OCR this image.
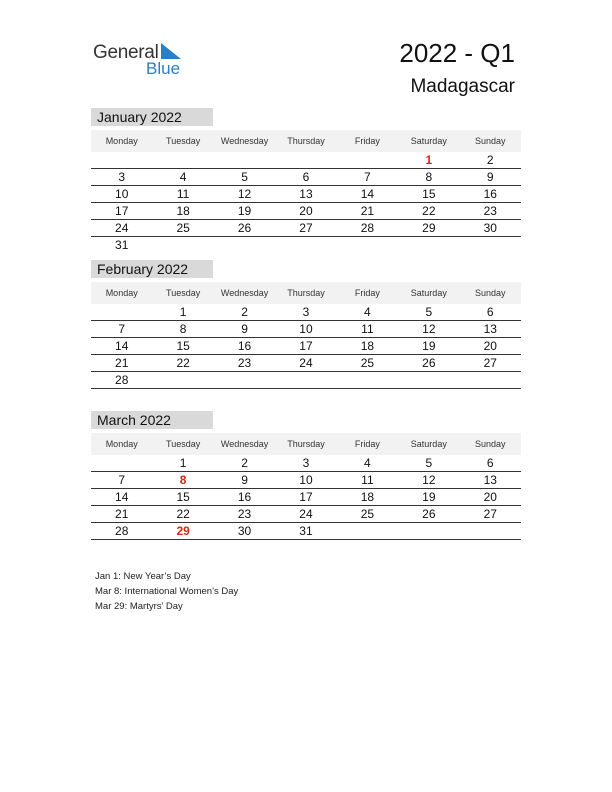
General
Blue
2022 - Q1
Madagascar
January 2022
Monday	Tuesday	Wednesday	Thursday	Friday	Saturday	Sunday
					1	2
3	4	5	6	7	8	9
10	11	12	13	14	15	16
17	18	19	20	21	22	23
24	25	26	27	28	29	30
31						
February 2022
Monday	Tuesday	Wednesday	Thursday	Friday	Saturday	Sunday
	1	2	3	4	5	6
7	8	9	10	11	12	13
14	15	16	17	18	19	20
21	22	23	24	25	26	27
28						
March 2022
Monday	Tuesday	Wednesday	Thursday	Friday	Saturday	Sunday
	1	2	3	4	5	6
7	8	9	10	11	12	13
14	15	16	17	18	19	20
21	22	23	24	25	26	27
28	29	30	31			
Jan 1: New Year’s Day
Mar 8: International Women’s Day
Mar 29: Martyrs’ Day
